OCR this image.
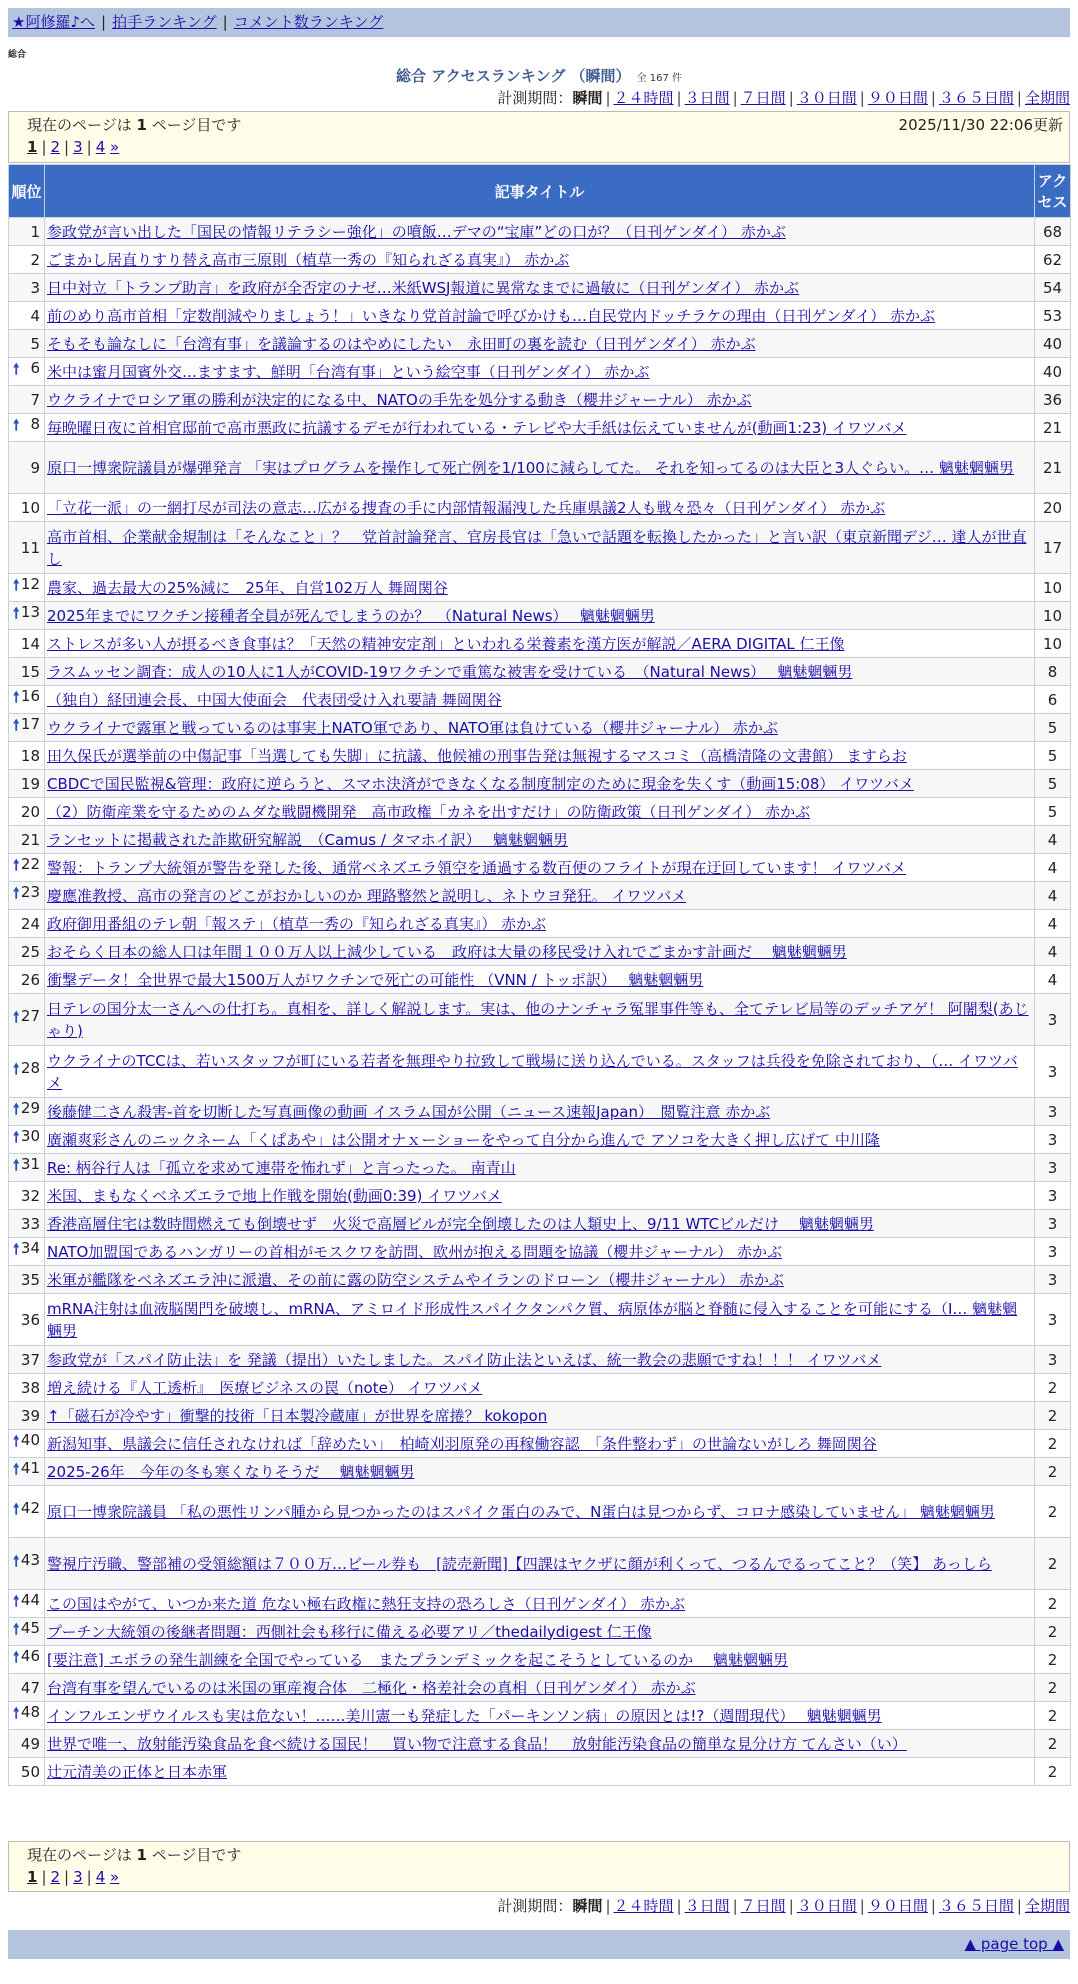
★阿修羅♪へ | 拍手ランキング | コメント数ランキング
総合
総合 アクセスランキング （瞬間） 全 167 件
計測期間：瞬間 | ２４時間 | ３日間 | ７日間 | ３０日間 | ９０日間 | ３６５日間 | 全期間
現在のページは 1 ページ目です	2025/11/30 22:06更新
1 | 2 | 3 | 4 »
順位	記事タイトル	アクセス
1	参政党が言い出した「国民の情報リテラシー強化」の噴飯…デマの“宝庫”どの口が？（日刊ゲンダイ） 赤かぶ	68
2	ごまかし居直りすり替え高市三原則（植草一秀の『知られざる真実』） 赤かぶ	62
3	日中対立「トランプ助言」を政府が全否定のナゼ…米紙WSJ報道に異常なまでに過敏に（日刊ゲンダイ） 赤かぶ	54
4	前のめり高市首相「定数削減やりましょう！」いきなり党首討論で呼びかけも…自民党内ドッチラケの理由（日刊ゲンダイ） 赤かぶ	53
5	そもそも論なしに「台湾有事」を議論するのはやめにしたい　永田町の裏を読む（日刊ゲンダイ） 赤かぶ	40

🠕 6	米中は蜜月国賓外交…ますます、鮮明「台湾有事」という絵空事（日刊ゲンダイ） 赤かぶ	40
7	ウクライナでロシア軍の勝利が決定的になる中、NATOの手先を処分する動き（櫻井ジャーナル） 赤かぶ	36

🠕 8	毎晩曜日夜に首相官邸前で高市悪政に抗議するデモが行われている・テレビや大手紙は伝えていませんが(動画1:23) イワツバメ	21
9	原口一博衆院議員が爆弾発言 「実はプログラムを操作して死亡例を1/100に減らしてた。 それを知ってるのは大臣と3人ぐらい。… 魑魅魍魎男	21
10	「立花一派」の一網打尽が司法の意志…広がる捜査の手に内部情報漏洩した兵庫県議2人も戦々恐々（日刊ゲンダイ） 赤かぶ	20
11	高市首相、企業献金規制は「そんなこと」？　党首討論発言、官房長官は「急いで話題を転換したかった」と言い訳（東京新聞デジ… 達人が世直し	17

🠕 12	農家、過去最大の25%減に　25年、自営102万人 舞岡関谷	10

🠕 13	2025年までにワクチン接種者全員が死んでしまうのか？　（Natural News）　 魑魅魍魎男	10
14	ストレスが多い人が摂るべき食事は？「天然の精神安定剤」といわれる栄養素を漢方医が解説／AERA DIGITAL 仁王像	10
15	ラスムッセン調査：成人の10人に1人がCOVID-19ワクチンで重篤な被害を受けている　（Natural News）　 魑魅魍魎男	8

🠕 16	（独自）経団連会長、中国大使面会　代表団受け入れ要請 舞岡関谷	6

🠕 17	ウクライナで露軍と戦っているのは事実上NATO軍であり、NATO軍は負けている（櫻井ジャーナル） 赤かぶ	5
18	田久保氏が選挙前の中傷記事「当選しても失脚」に抗議、他候補の刑事告発は無視するマスコミ（高橋清隆の文書館） ますらお	5
19	CBDCで国民監視&管理：政府に逆らうと、スマホ決済ができなくなる制度制定のために現金を失くす（動画15:08） イワツバメ	5
20	（2）防衛産業を守るためのムダな戦闘機開発　高市政権「カネを出すだけ」の防衛政策（日刊ゲンダイ） 赤かぶ	5
21	ランセットに掲載された詐欺研究解説　（Camus / タマホイ訳）　 魑魅魍魎男	4

🠕 22	警報：トランプ大統領が警告を発した後、通常ベネズエラ領空を通過する数百便のフライトが現在迂回しています！ イワツバメ	4

🠕 23	慶應准教授、高市の発言のどこがおかしいのか 理路整然と説明し、ネトウヨ発狂。 イワツバメ	4
24	政府御用番組のテレ朝「報ステ」（植草一秀の『知られざる真実』） 赤かぶ	4
25	おそらく日本の総人口は年間１００万人以上減少している　政府は大量の移民受け入れでごまかす計画だ　 魑魅魍魎男	4
26	衝撃データ！全世界で最大1500万人がワクチンで死亡の可能性 （VNN / トッポ訳）　 魑魅魍魎男	4

🠕 27	日テレの国分太一さんへの仕打ち。真相を、詳しく解説します。実は、他のナンチャラ冤罪事件等も、全てテレビ局等のデッチアゲ！ 阿闍梨(あじゃり)	3

🠕 28	ウクライナのTCCは、若いスタッフが町にいる若者を無理やり拉致して戦場に送り込んでいる。スタッフは兵役を免除されており、（… イワツバメ	3

🠕 29	後藤健二さん殺害-首を切断した写真画像の動画 イスラム国が公開（ニュース速報Japan）　閲覧注意 赤かぶ	3

🠕 30	廣瀬爽彩さんのニックネーム「くぱあや」は公開オナｘーショーをやって自分から進んで アソコを大きく押し広げて 中川隆	3

🠕 31	Re: 柄谷行人は「孤立を求めて連帯を怖れず」と言ったった。 南青山	3
32	米国、まもなくベネズエラで地上作戦を開始(動画0:39) イワツバメ	3
33	香港高層住宅は数時間燃えても倒壊せず　火災で高層ビルが完全倒壊したのは人類史上、9/11 WTCビルだけ　 魑魅魍魎男	3

🠕 34	NATO加盟国であるハンガリーの首相がモスクワを訪問、欧州が抱える問題を協議（櫻井ジャーナル） 赤かぶ	3
35	米軍が艦隊をベネズエラ沖に派遣、その前に露の防空システムやイランのドローン（櫻井ジャーナル） 赤かぶ	3
36	mRNA注射は血液脳関門を破壊し、mRNA、アミロイド形成性スパイクタンパク質、病原体が脳と脊髄に侵入することを可能にする（I… 魑魅魍魎男	3
37	参政党が「スパイ防止法」を 発議（提出）いたしました。スパイ防止法といえば、統一教会の悲願ですね！！！ イワツバメ	3
38	増え続ける『人工透析』　医療ビジネスの罠（note） イワツバメ	2
39	↑「磁石が冷やす」衝撃的技術「日本製冷蔵庫」が世界を席捲？ kokopon	2

🠕 40	新潟知事、県議会に信任されなければ「辞めたい」　柏崎刈羽原発の再稼働容認　「条件整わず」の世論ないがしろ 舞岡関谷	2

🠕 41	2025-26年　今年の冬も寒くなりそうだ　 魑魅魍魎男	2

🠕 42	原口一博衆院議員 「私の悪性リンパ腫から見つかったのはスパイク蛋白のみで、N蛋白は見つからず、コロナ感染していません」 魑魅魍魎男	2

🠕 43	警視庁汚職、警部補の受領総額は７００万…ビール券も　[読売新聞]【四課はヤクザに顔が利くって、つるんでるってこと？（笑】 あっしら	2

🠕 44	この国はやがて、いつか来た道 危ない極右政権に熱狂支持の恐ろしさ（日刊ゲンダイ） 赤かぶ	2

🠕 45	プーチン大統領の後継者問題：西側社会も移行に備える必要アリ／thedailydigest 仁王像	2

🠕 46	[要注意] エボラの発生訓練を全国でやっている　またプランデミックを起こそうとしているのか　 魑魅魍魎男	2
47	台湾有事を望んでいるのは米国の軍産複合体　二極化・格差社会の真相（日刊ゲンダイ） 赤かぶ	2

🠕 48	インフルエンザウイルスも実は危ない！……美川憲一も発症した「パーキンソン病」の原因とは!?（週間現代）　 魑魅魍魎男	2
49	世界で唯一、放射能汚染食品を食べ続ける国民！　買い物で注意する食品！　放射能汚染食品の簡単な見分け方 てんさい（い）	2
50	辻元清美の正体と日本赤軍	2
現在のページは 1 ページ目です
1 | 2 | 3 | 4 »
計測期間：瞬間 | ２４時間 | ３日間 | ７日間 | ３０日間 | ９０日間 | ３６５日間 | 全期間
▲ page top ▲
